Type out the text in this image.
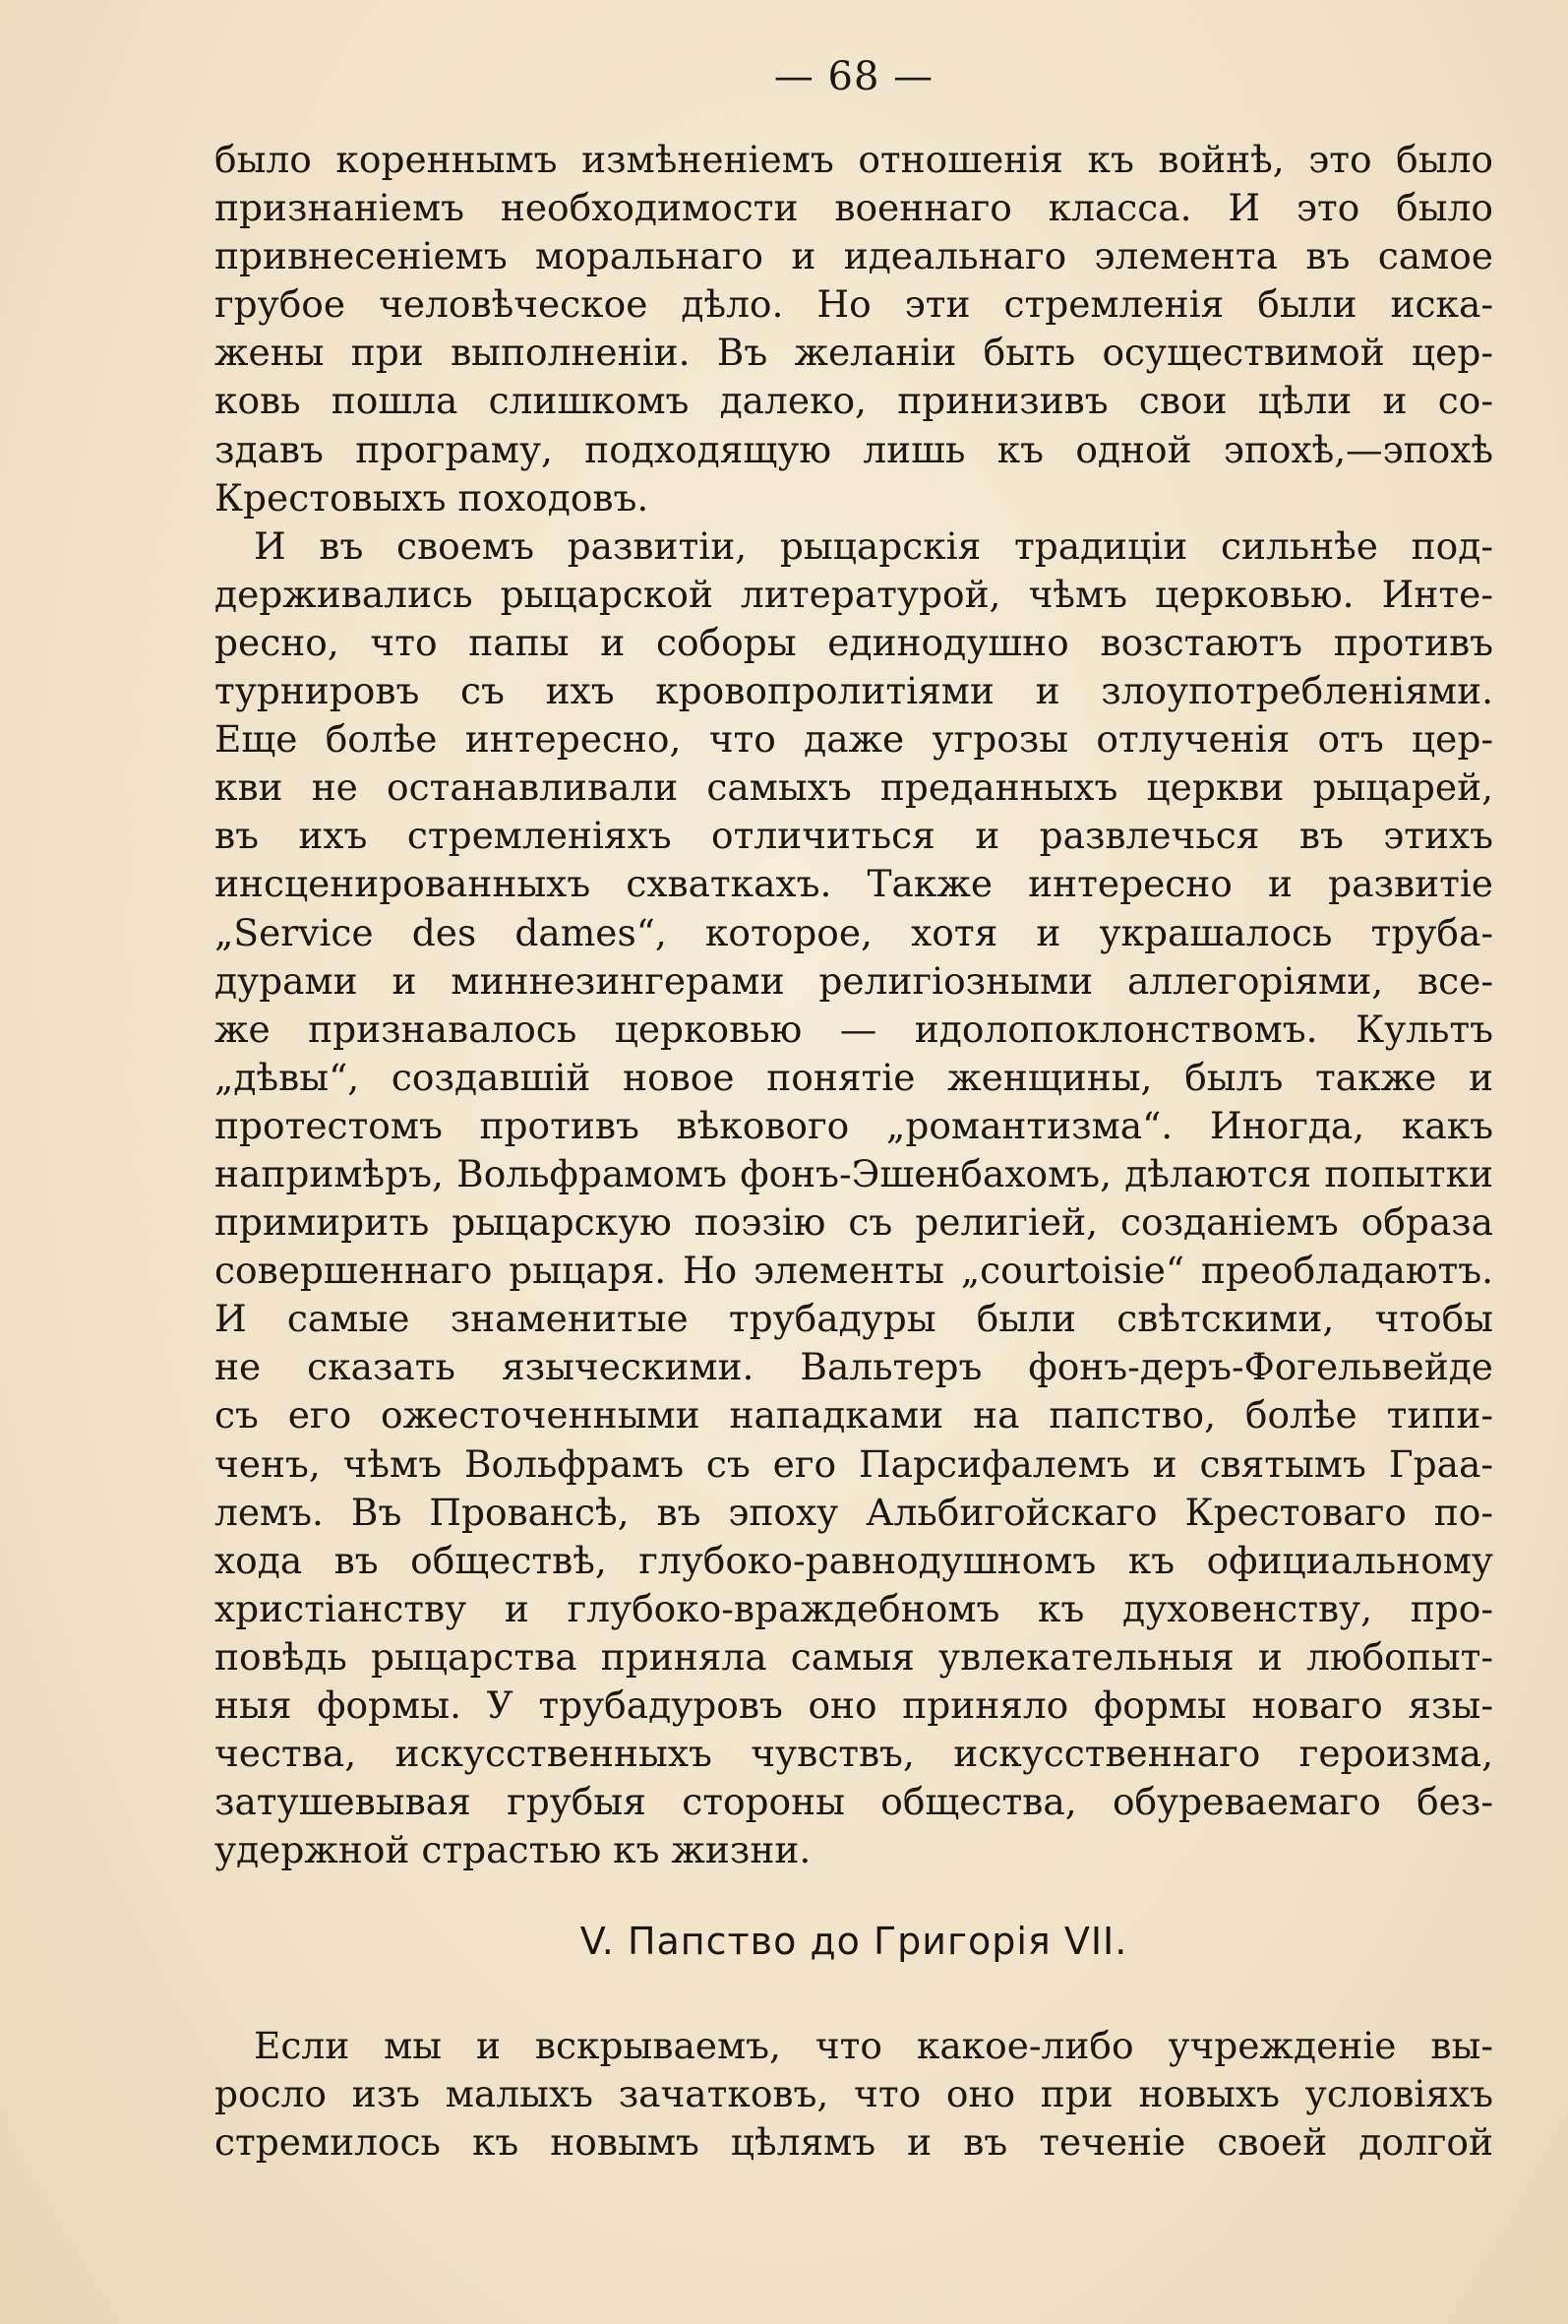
— 68 —
было кореннымъ измѣненіемъ отношенія къ войнѣ, это было
признаніемъ необходимости военнаго класса. И это было
привнесеніемъ моральнаго и идеальнаго элемента въ самое
грубое человѣческое дѣло. Но эти стремленія были иска-
жены при выполненіи. Въ желаніи быть осуществимой цер-
ковь пошла слишкомъ далеко, принизивъ свои цѣли и со-
здавъ програму, подходящую лишь къ одной эпохѣ,—эпохѣ
Крестовыхъ походовъ.
И въ своемъ развитіи, рыцарскія традиціи сильнѣе под-
держивались рыцарской литературой, чѣмъ церковью. Инте-
ресно, что папы и соборы единодушно возстаютъ противъ
турнировъ съ ихъ кровопролитіями и злоупотребленіями.
Еще болѣе интересно, что даже угрозы отлученія отъ цер-
кви не останавливали самыхъ преданныхъ церкви рыцарей,
въ ихъ стремленіяхъ отличиться и развлечься въ этихъ
инсценированныхъ схваткахъ. Также интересно и развитіе
„Service des dames“, которое, хотя и украшалось труба-
дурами и миннезингерами религіозными аллегоріями, все-
же признавалось церковью — идолопоклонствомъ. Культъ
„дѣвы“, создавшій новое понятіе женщины, былъ также и
протестомъ противъ вѣкового „романтизма“. Иногда, какъ
напримѣръ, Вольфрамомъ фонъ-Эшенбахомъ, дѣлаются попытки
примирить рыцарскую поэзію съ религіей, созданіемъ образа
совершеннаго рыцаря. Но элементы „courtoisie“ преобладаютъ.
И самые знаменитые трубадуры были свѣтскими, чтобы
не сказать языческими. Вальтеръ фонъ-деръ-Фогельвейде
съ его ожесточенными нападками на папство, болѣе типи-
ченъ, чѣмъ Вольфрамъ съ его Парсифалемъ и святымъ Граа-
лемъ. Въ Провансѣ, въ эпоху Альбигойскаго Крестоваго по-
хода въ обществѣ, глубоко-равнодушномъ къ официальному
христіанству и глубоко-враждебномъ къ духовенству, про-
повѣдь рыцарства приняла самыя увлекательныя и любопыт-
ныя формы. У трубадуровъ оно приняло формы новаго язы-
чества, искусственныхъ чувствъ, искусственнаго героизма,
затушевывая грубыя стороны общества, обуреваемаго без-
удержной страстью къ жизни.
V. Папство до Григорія VII.
Если мы и вскрываемъ, что какое-либо учрежденіе вы-
росло изъ малыхъ зачатковъ, что оно при новыхъ условіяхъ
стремилось къ новымъ цѣлямъ и въ теченіе своей долгой
